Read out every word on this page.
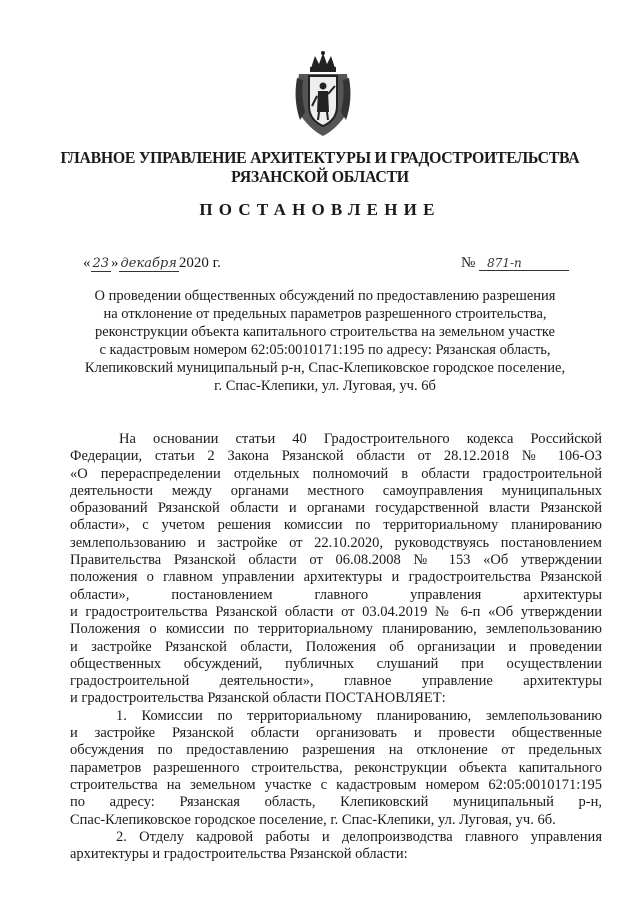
ГЛАВНОЕ УПРАВЛЕНИЕ АРХИТЕКТУРЫ И ГРАДОСТРОИТЕЛЬСТВА
РЯЗАНСКОЙ ОБЛАСТИ
ПОСТАНОВЛЕНИЕ
« 23 » декабря 2020 г.	№ 871-п
О проведении общественных обсуждений по предоставлению разрешения
на отклонение от предельных параметров разрешенного строительства,
реконструкции объекта капитального строительства на земельном участке
с кадастровым номером 62:05:0010171:195 по адресу: Рязанская область,
Клепиковский муниципальный р-н, Спас-Клепиковское городское поселение,
г. Спас-Клепики, ул. Луговая, уч. 6б

На основании статьи 40 Градостроительного кодекса Российской

Федерации, статьи 2 Закона Рязанской области от 28.12.2018 № 106-ОЗ

«О перераспределении отдельных полномочий в области градостроительной

деятельности между органами местного самоуправления муниципальных

образований Рязанской области и органами государственной власти Рязанской

области», с учетом решения комиссии по территориальному планированию

землепользованию и застройке от 22.10.2020, руководствуясь постановлением

Правительства Рязанской области от 06.08.2008 № 153 «Об утверждении

положения о главном управлении архитектуры и градостроительства Рязанской

области», постановлением главного управления архитектуры

и градостроительства Рязанской области от 03.04.2019 № 6-п «Об утверждении

Положения о комиссии по территориальному планированию, землепользованию

и застройке Рязанской области, Положения об организации и проведении

общественных обсуждений, публичных слушаний при осуществлении

градостроительной деятельности», главное управление архитектуры

и градостроительства Рязанской области ПОСТАНОВЛЯЕТ:

1. Комиссии по территориальному планированию, землепользованию

и застройке Рязанской области организовать и провести общественные

обсуждения по предоставлению разрешения на отклонение от предельных

параметров разрешенного строительства, реконструкции объекта капитального

строительства на земельном участке с кадастровым номером 62:05:0010171:195

по адресу: Рязанская область, Клепиковский муниципальный р-н,

Спас-Клепиковское городское поселение, г. Спас-Клепики, ул. Луговая, уч. 6б.

2. Отделу кадровой работы и делопроизводства главного управления

архитектуры и градостроительства Рязанской области:
